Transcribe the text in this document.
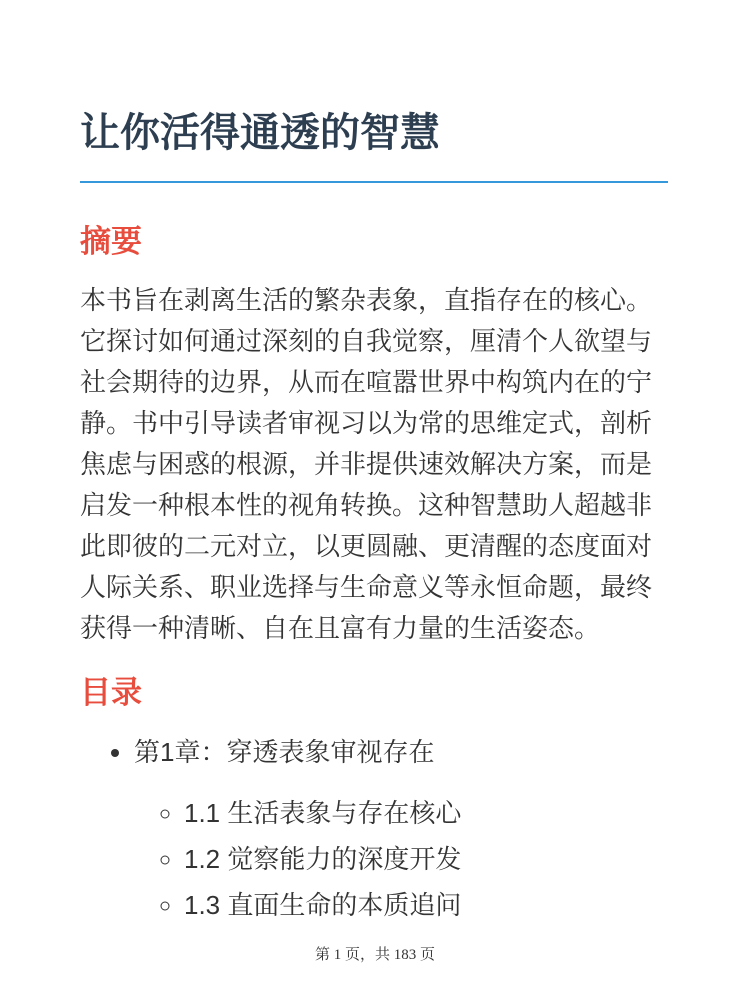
让你活得通透的智慧
摘要

本书旨在剥离生活的繁杂表象，直指存在的核心。它探讨如何通过深刻的自我觉察，厘清个人欲望与社会期待的边界，从而在喧嚣世界中构筑内在的宁静。书中引导读者审视习以为常的思维定式，剖析焦虑与困惑的根源，并非提供速效解决方案，而是启发一种根本性的视角转换。这种智慧助人超越非此即彼的二元对立，以更圆融、更清醒的态度面对人际关系、职业选择与生命意义等永恒命题，最终获得一种清晰、自在且富有力量的生活姿态。

目录
• 第1章：穿透表象审视存在
◦ 1.1 生活表象与存在核心
◦ 1.2 觉察能力的深度开发
◦ 1.3 直面生命的本质追问
第 1 页，共 183 页
